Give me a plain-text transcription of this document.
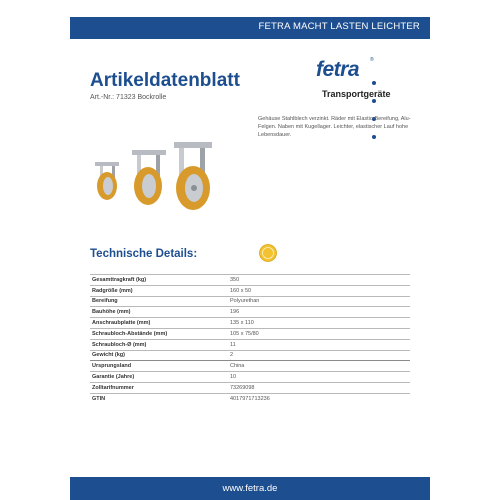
FETRA MACHT LASTEN LEICHTER
Artikeldatenblatt
Art.-Nr.: 71323 Bockrolle
fetra ®
Transportgeräte
Gehäuse Stahlblech verzinkt. Räder mit Elastic-Bereifung, Alu-Felgen. Naben mit Kugellager. Leichter, elastischer Lauf hohe Lebensdauer.
Technische Details:
Gesamttragkraft (kg)	350
Radgröße (mm)	160 x 50
Bereifung	Polyurethan
Bauhöhe (mm)	196
Anschraubplatte (mm)	135 x 110
Schraubloch-Abstände (mm)	105 x 75/80
Schraubloch-Ø (mm)	11
Gewicht (kg)	2
Ursprungsland	China
Garantie (Jahre)	10
Zolltarifnummer	73269098
GTIN	4017971713236
www.fetra.de
